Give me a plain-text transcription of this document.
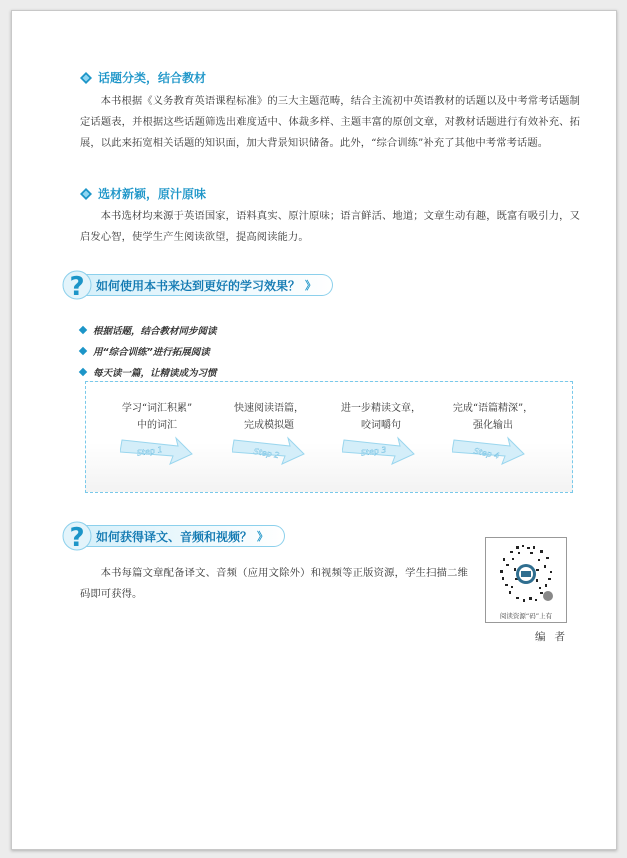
话题分类，结合教材
本书根据《义务教育英语课程标准》的三大主题范畴，结合主流初中英语教材的话题以及中考常考话题制定话题表，并根据这些话题筛选出难度适中、体裁多样、主题丰富的原创文章，对教材话题进行有效补充、拓展，以此来拓宽相关话题的知识面，加大背景知识储备。此外，“综合训练”补充了其他中考常考话题。
选材新颖，原汁原味
本书选材均来源于英语国家，语料真实、原汁原味；语言鲜活、地道；文章生动有趣，既富有吸引力，又启发心智，使学生产生阅读欲望，提高阅读能力。
? 如何使用本书来达到更好的学习效果？ 》
根据话题，结合教材同步阅读
用“综合训练”进行拓展阅读
每天读一篇，让精读成为习惯
学习“词汇积累”
中的词汇
快速阅读语篇，
完成模拟题
进一步精读文章，
咬词嚼句
完成“语篇精深”，
强化输出
Step 1	Step 2	Step 3	Step 4
? 如何获得译文、音频和视频？ 》
本书每篇文章配备译文、音频（应用文除外）和视频等正版资源，学生扫描二维码即可获得。
阅读资源“码”上有
编者
